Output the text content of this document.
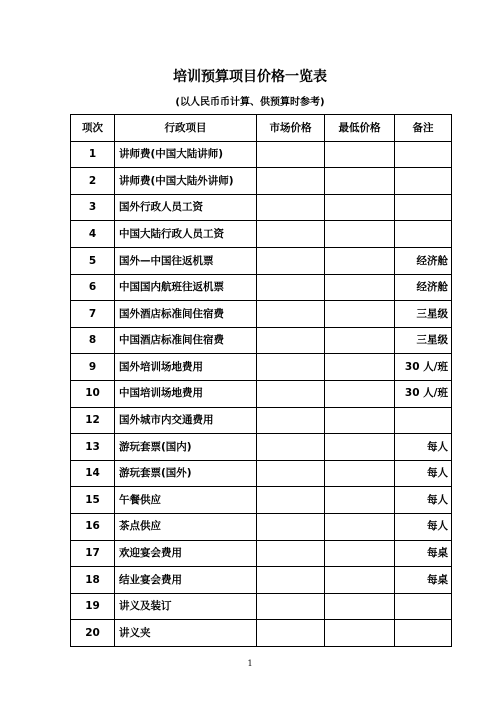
培训预算项目价格一览表
(以人民币币计算、供预算时参考)
项次	行政项目	市场价格	最低价格	备注
1	讲师费(中国大陆讲师)			
2	讲师费(中国大陆外讲师)			
3	国外行政人员工资			
4	中国大陆行政人员工资			
5	国外—中国往返机票			经济舱
6	中国国内航班往返机票			经济舱
7	国外酒店标准间住宿费			三星级
8	中国酒店标准间住宿费			三星级
9	国外培训场地费用			30 人/班
10	中国培训场地费用			30 人/班
12	国外城市内交通费用			
13	游玩套票(国内)			每人
14	游玩套票(国外)			每人
15	午餐供应			每人
16	茶点供应			每人
17	欢迎宴会费用			每桌
18	结业宴会费用			每桌
19	讲义及装订			
20	讲义夹			
1
